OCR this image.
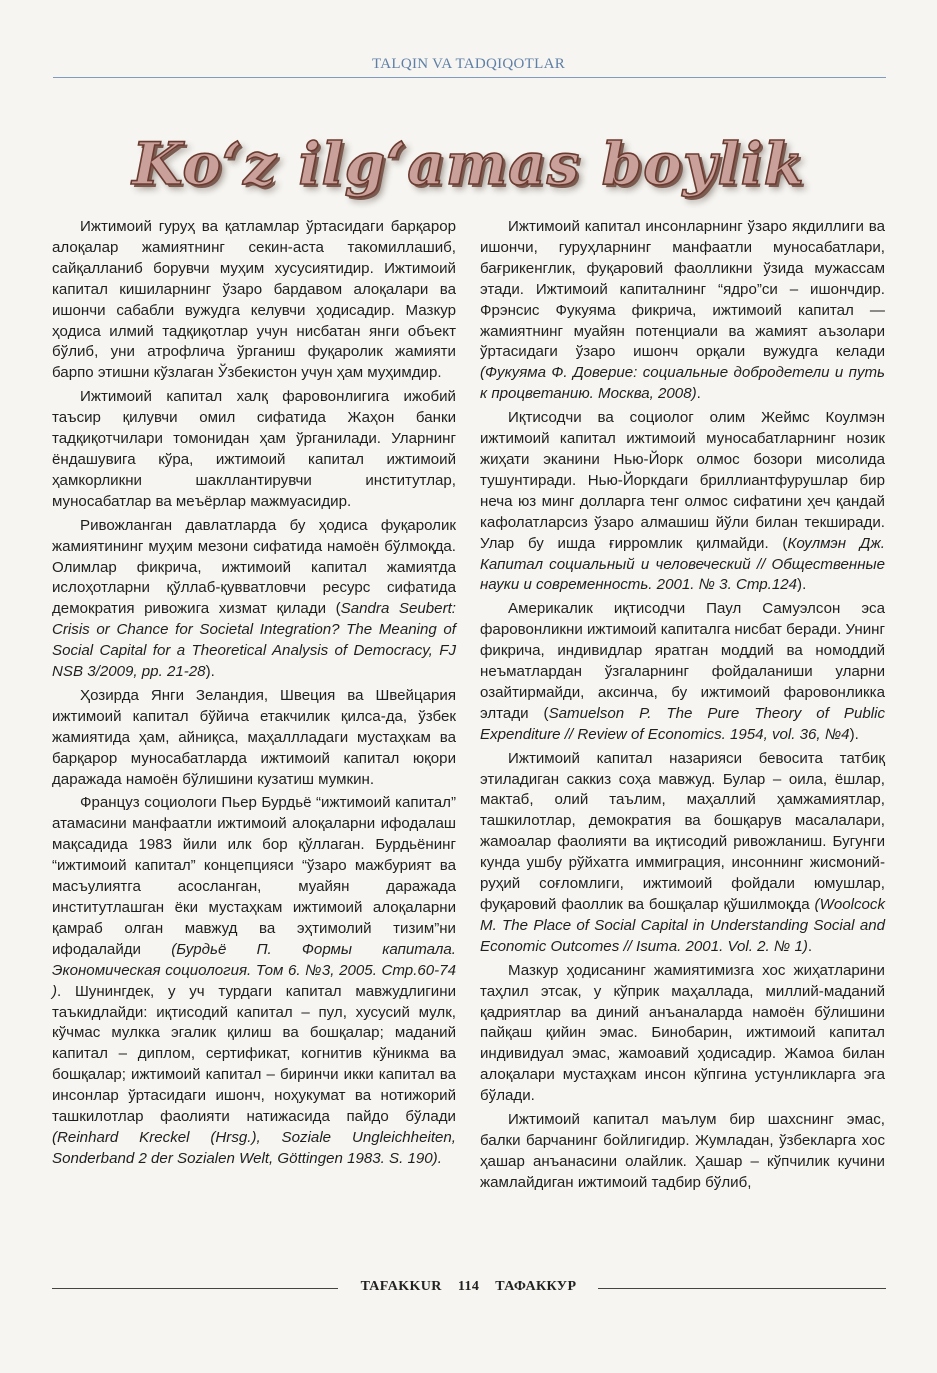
TALQIN VA TADQIQOTLAR
Ko‘z ilg‘amas boylik

Ижтимоий гуруҳ ва қатламлар ўртасидаги барқарор алоқалар жамиятнинг секин-аста такомиллашиб, сайқалланиб борувчи муҳим хусусиятидир. Ижтимоий капитал кишиларнинг ўзаро бардавом алоқалари ва ишончи сабабли вужудга келувчи ҳодисадир. Мазкур ҳодиса илмий тадқиқотлар учун нисбатан янги объект бўлиб, уни атрофлича ўрганиш фуқаролик жамияти барпо этишни кўзлаган Ўзбекистон учун ҳам муҳимдир.

Ижтимоий капитал халқ фаровонлигига ижобий таъсир қилувчи омил сифатида Жаҳон банки тадқиқотчилари томонидан ҳам ўрганилади. Уларнинг ёндашувига кўра, ижтимоий капитал ижтимоий ҳамкорликни шакллантирувчи институтлар, муносабатлар ва меъёрлар мажмуасидир.

Ривожланган давлатларда бу ҳодиса фуқаролик жамиятининг муҳим мезони сифатида намоён бўлмоқда. Олимлар фикрича, ижтимоий капитал жамиятда ислоҳотларни қўллаб-қувватловчи ресурс сифатида демократия ривожига хизмат қилади (Sandra Seubert: Crisis or Chance for Societal Integration? The Meaning of Social Capital for a Theoretical Analysis of Democracy, FJ NSB 3/2009, pp. 21-28).

Ҳозирда Янги Зеландия, Швеция ва Швейцария ижтимоий капитал бўйича етакчилик қилса-да, ўзбек жамиятида ҳам, айниқса, маҳаллладаги мустаҳкам ва барқарор муносабатларда ижтимоий капитал юқори даражада намоён бўлишини кузатиш мумкин.

Француз социологи Пьер Бурдьё “ижтимоий капитал” атамасини манфаатли ижтимоий алоқаларни ифодалаш мақсадида 1983 йили илк бор қўллаган. Бурдьёнинг “ижтимоий капитал” концепцияси “ўзаро мажбурият ва масъулиятга асосланган, муайян даражада институтлашган ёки мустаҳкам ижтимоий алоқаларни қамраб олган мавжуд ва эҳтимолий тизим”ни ифодалайди (Бурдьё П. Формы капитала. Экономическая социология. Том 6. №3, 2005. Стр.60-74 ). Шунингдек, у уч турдаги капитал мавжудлигини таъкидлайди: иқтисодий капитал – пул, хусусий мулк, кўчмас мулкка эгалик қилиш ва бошқалар; маданий капитал – диплом, сертификат, когнитив кўникма ва бошқалар; ижтимоий капитал – биринчи икки капитал ва инсонлар ўртасидаги ишонч, ноҳукумат ва нотижорий ташкилотлар фаолияти натижасида пайдо бўлади (Reinhard Kreckel (Hrsg.), Soziale Ungleichheiten, Sonderband 2 der Sozialen Welt, Göttingen 1983. S. 190).

Ижтимоий капитал инсонларнинг ўзаро якдиллиги ва ишончи, гуруҳларнинг манфаатли муносабатлари, бағрикенглик, фуқаровий фаолликни ўзида мужассам этади. Ижтимоий капиталнинг “ядро”си – ишончдир. Фрэнсис Фукуяма фикрича, ижтимоий капитал — жамиятнинг муайян потенциали ва жамият аъзолари ўртасидаги ўзаро ишонч орқали вужудга келади (Фукуяма Ф. Доверие: социальные добродетели и путь к процветанию. Москва, 2008).

Иқтисодчи ва социолог олим Жеймс Коулмэн ижтимоий капитал ижтимоий муносабатларнинг нозик жиҳати эканини Нью-Йорк олмос бозори мисолида тушунтиради. Нью-Йоркдаги бриллиантфурушлар бир неча юз минг долларга тенг олмос сифатини ҳеч қандай кафолатларсиз ўзаро алмашиш йўли билан текширади. Улар бу ишда ғирромлик қилмайди. (Коулмэн Дж. Капитал социальный и человеческий // Общественные науки и современность. 2001. № 3. Стр.124).

Америкалик иқтисодчи Паул Самуэлсон эса фаровонликни ижтимоий капиталга нисбат беради. Унинг фикрича, индивидлар яратган моддий ва номоддий неъматлардан ўзгаларнинг фойдаланиши уларни озайтирмайди, аксинча, бу ижтимоий фаровонликка элтади (Samuelson P. The Pure Theory of Public Expenditure // Review of Economics. 1954, vol. 36, №4).

Ижтимоий капитал назарияси бевосита татбиқ этиладиган саккиз соҳа мавжуд. Булар – оила, ёшлар, мактаб, олий таълим, маҳаллий ҳамжамиятлар, ташкилотлар, демократия ва бошқарув масалалари, жамоалар фаолияти ва иқтисодий ривожланиш. Бугунги кунда ушбу рўйхатга иммиграция, инсоннинг жисмоний-руҳий соғломлиги, ижтимоий фойдали юмушлар, фуқаровий фаоллик ва бошқалар қўшилмоқда (Woolcock M. The Place of Social Capital in Understanding Social and Economic Outcomes // Isuma. 2001. Vol. 2. № 1).

Мазкур ҳодисанинг жамиятимизга хос жиҳатларини таҳлил этсак, у кўприк маҳаллада, миллий-маданий қадриятлар ва диний анъаналарда намоён бўлишини пайқаш қийин эмас. Бинобарин, ижтимоий капитал индивидуал эмас, жамоавий ҳодисадир. Жамоа билан алоқалари мустаҳкам инсон кўпгина устунликларга эга бўлади.

Ижтимоий капитал маълум бир шахснинг эмас, балки барчанинг бойлигидир. Жумладан, ўзбекларга хос ҳашар анъанасини олайлик. Ҳашар – кўпчилик кучини жамлайдиган ижтимоий тадбир бўлиб,

TAFAKKUR 114 ТАФАККУР
